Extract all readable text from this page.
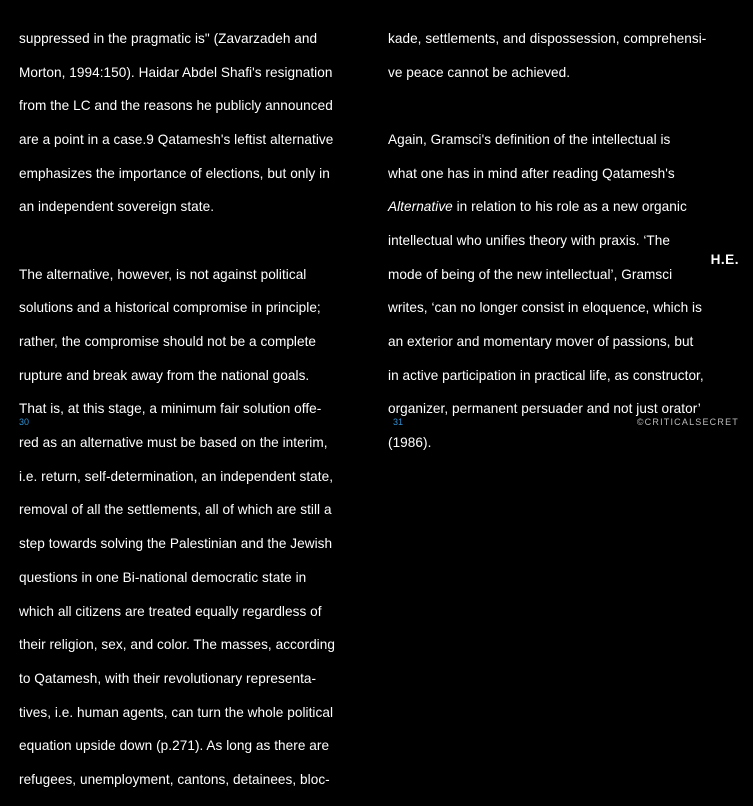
suppressed in the pragmatic is" (Zavarzadeh and

Morton, 1994:150). Haidar Abdel Shafi's resignation

from the LC and the reasons he publicly announced

are a point in a case.9 Qatamesh's leftist alternative

emphasizes the importance of elections, but only in

an independent sovereign state.

The alternative, however, is not against political

solutions and a historical compromise in principle;

rather, the compromise should not be a complete

rupture and break away from the national goals.

That is, at this stage, a minimum fair solution offe-

red as an alternative must be based on the interim,

i.e. return, self-determination, an independent state,

removal of all the settlements, all of which are still a

step towards solving the Palestinian and the Jewish

questions in one Bi-national democratic state in

which all citizens are treated equally regardless of

their religion, sex, and color. The masses, according

to Qatamesh, with their revolutionary representa-

tives, i.e. human agents, can turn the whole political

equation upside down (p.271). As long as there are

refugees, unemployment, cantons, detainees, bloc-

kade, settlements, and dispossession, comprehensi-

ve peace cannot be achieved.

Again, Gramsci's definition of the intellectual is

what one has in mind after reading Qatamesh's

Alternative in relation to his role as a new organic

intellectual who unifies theory with praxis. ‘The

mode of being of the new intellectual’, Gramsci

writes, ‘can no longer consist in eloquence, which is

an exterior and momentary mover of passions, but

in active participation in practical life, as constructor,

organizer, permanent persuader and not just orator’

(1986).

H.E.
30	31	©CRITICALSECRET
